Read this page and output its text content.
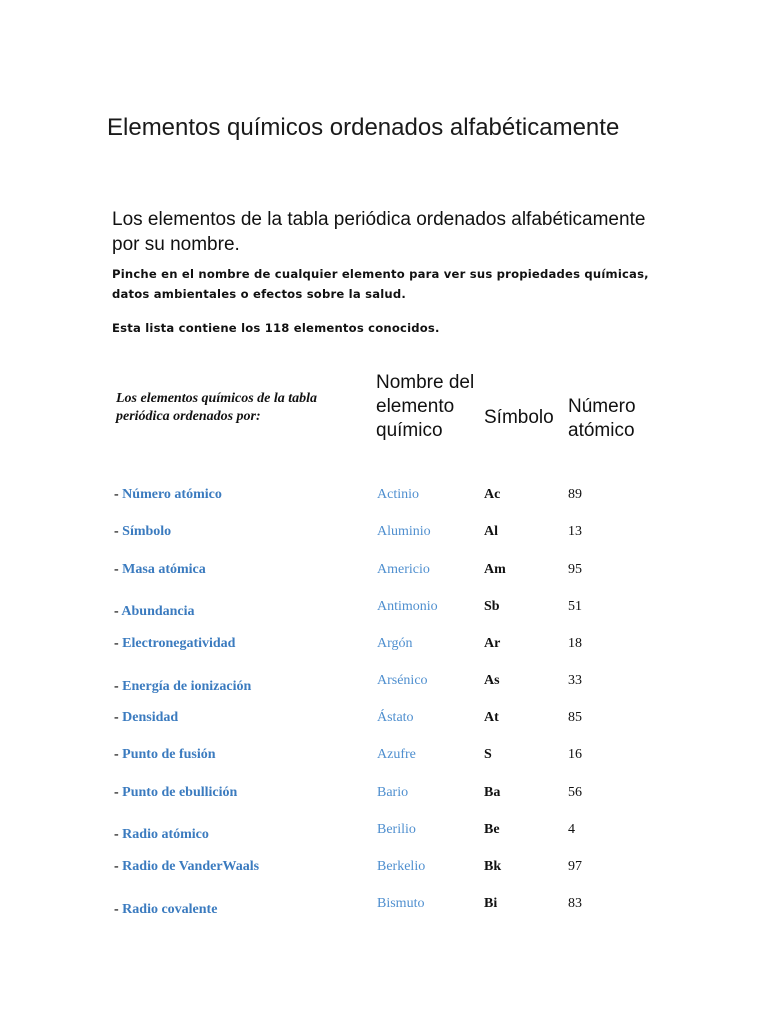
Elementos químicos ordenados alfabéticamente

Los elementos de la tabla periódica ordenados alfabéticamente por su nombre.

Pinche en el nombre de cualquier elemento para ver sus propiedades químicas, datos ambientales o efectos sobre la salud.

Esta lista contiene los 118 elementos conocidos.

Los elementos químicos de la tabla periódica ordenados por:
Nombre del elemento químico
Símbolo
Número atómico
- Número atómico
- Símbolo
- Masa atómica
- Abundancia
- Electronegatividad
- Energía de ionización
- Densidad
- Punto de fusión
- Punto de ebullición
- Radio atómico
- Radio de VanderWaals
- Radio covalente
Actinio	Ac	89
Aluminio	Al	13
Americio	Am	95
Antimonio	Sb	51
Argón	Ar	18
Arsénico	As	33
Ástato	At	85
Azufre	S	16
Bario	Ba	56
Berilio	Be	4
Berkelio	Bk	97
Bismuto	Bi	83
